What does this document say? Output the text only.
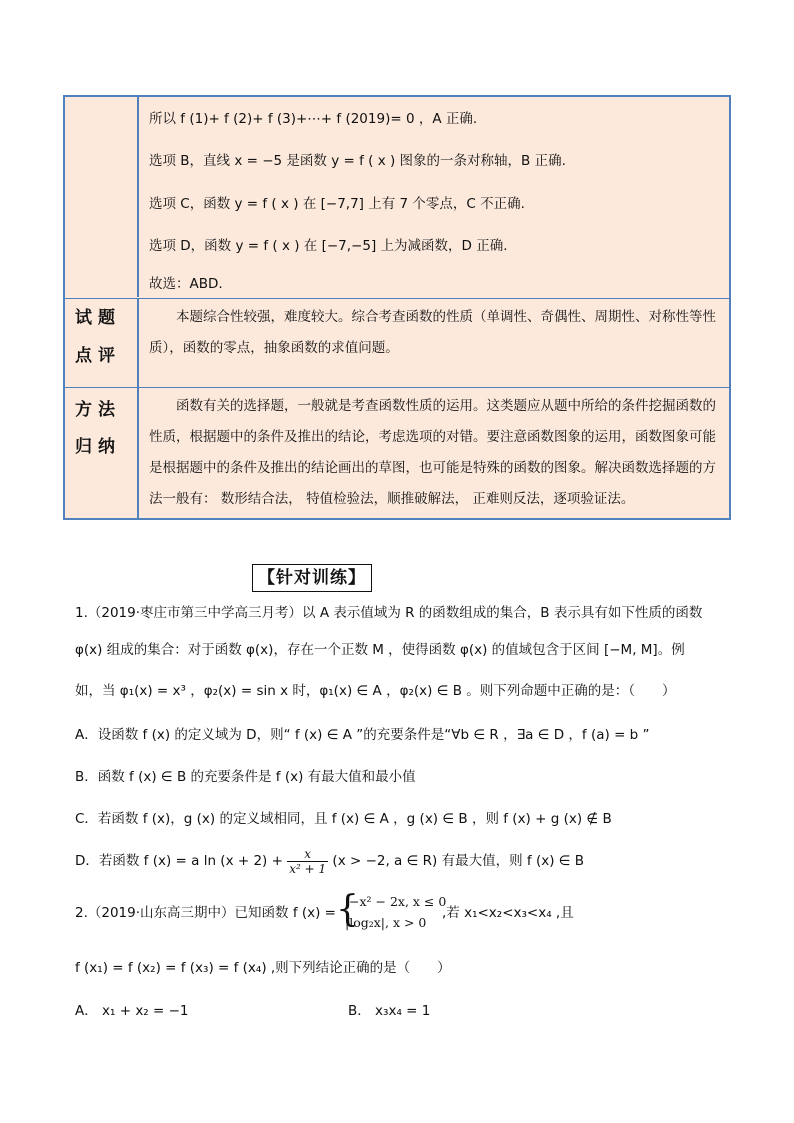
所以 f (1)+ f (2)+ f (3)+⋯+ f (2019)= 0 ，A 正确.
选项 B，直线 x = −5 是函数 y = f ( x ) 图象的一条对称轴，B 正确.
选项 C，函数 y = f ( x ) 在 [−7,7] 上有 7 个零点，C 不正确.
选项 D，函数 y = f ( x ) 在 [−7,−5] 上为减函数，D 正确.
故选：ABD.
试题
点评
本题综合性较强，难度较大。综合考查函数的性质（单调性、奇偶性、周期性、对称性等性质），函数的零点，抽象函数的求值问题。
方法
归纳
函数有关的选择题，一般就是考查函数性质的运用。这类题应从题中所给的条件挖掘函数的性质，根据题中的条件及推出的结论，考虑选项的对错。要注意函数图象的运用，函数图象可能是根据题中的条件及推出的结论画出的草图，也可能是特殊的函数的图象。解决函数选择题的方法一般有： 数形结合法， 特值检验法，顺推破解法， 正难则反法，逐项验证法。
【针对训练】
1.（2019·枣庄市第三中学高三月考）以 A 表示值域为 R 的函数组成的集合，B 表示具有如下性质的函数
φ(x) 组成的集合：对于函数 φ(x)，存在一个正数 M ，使得函数 φ(x) 的值域包含于区间 [−M, M]。例
如，当 φ₁(x) = x³ ，φ₂(x) = sin x 时，φ₁(x) ∈ A ，φ₂(x) ∈ B 。则下列命题中正确的是：（　　）
A．设函数 f (x) 的定义域为 D，则“ f (x) ∈ A ”的充要条件是“∀b ∈ R ，∃a ∈ D ，f (a) = b ”
B．函数 f (x) ∈ B 的充要条件是 f (x) 有最大值和最小值
C．若函数 f (x)，g (x) 的定义域相同，且 f (x) ∈ A ，g (x) ∈ B ，则 f (x) + g (x) ∉ B
D．若函数 f (x) = a $\ln (x + 2) + \frac{x}{\text{x² + 1}} (x > -2$, a ∈ R) 有最大值，则 f (x) ∈ B
2.（2019·山东高三期中）已知函数 f (x) = {
−x² − 2x, x ≤ 0
|log₂x|, x > 0
,若 x₁<x₂<x₃<x₄ ,且
f (x₁) = f (x₂) = f (x₃) = f (x₄) ,则下列结论正确的是（　　）
A． x₁ + x₂ = −1	B． x₃x₄ = 1
